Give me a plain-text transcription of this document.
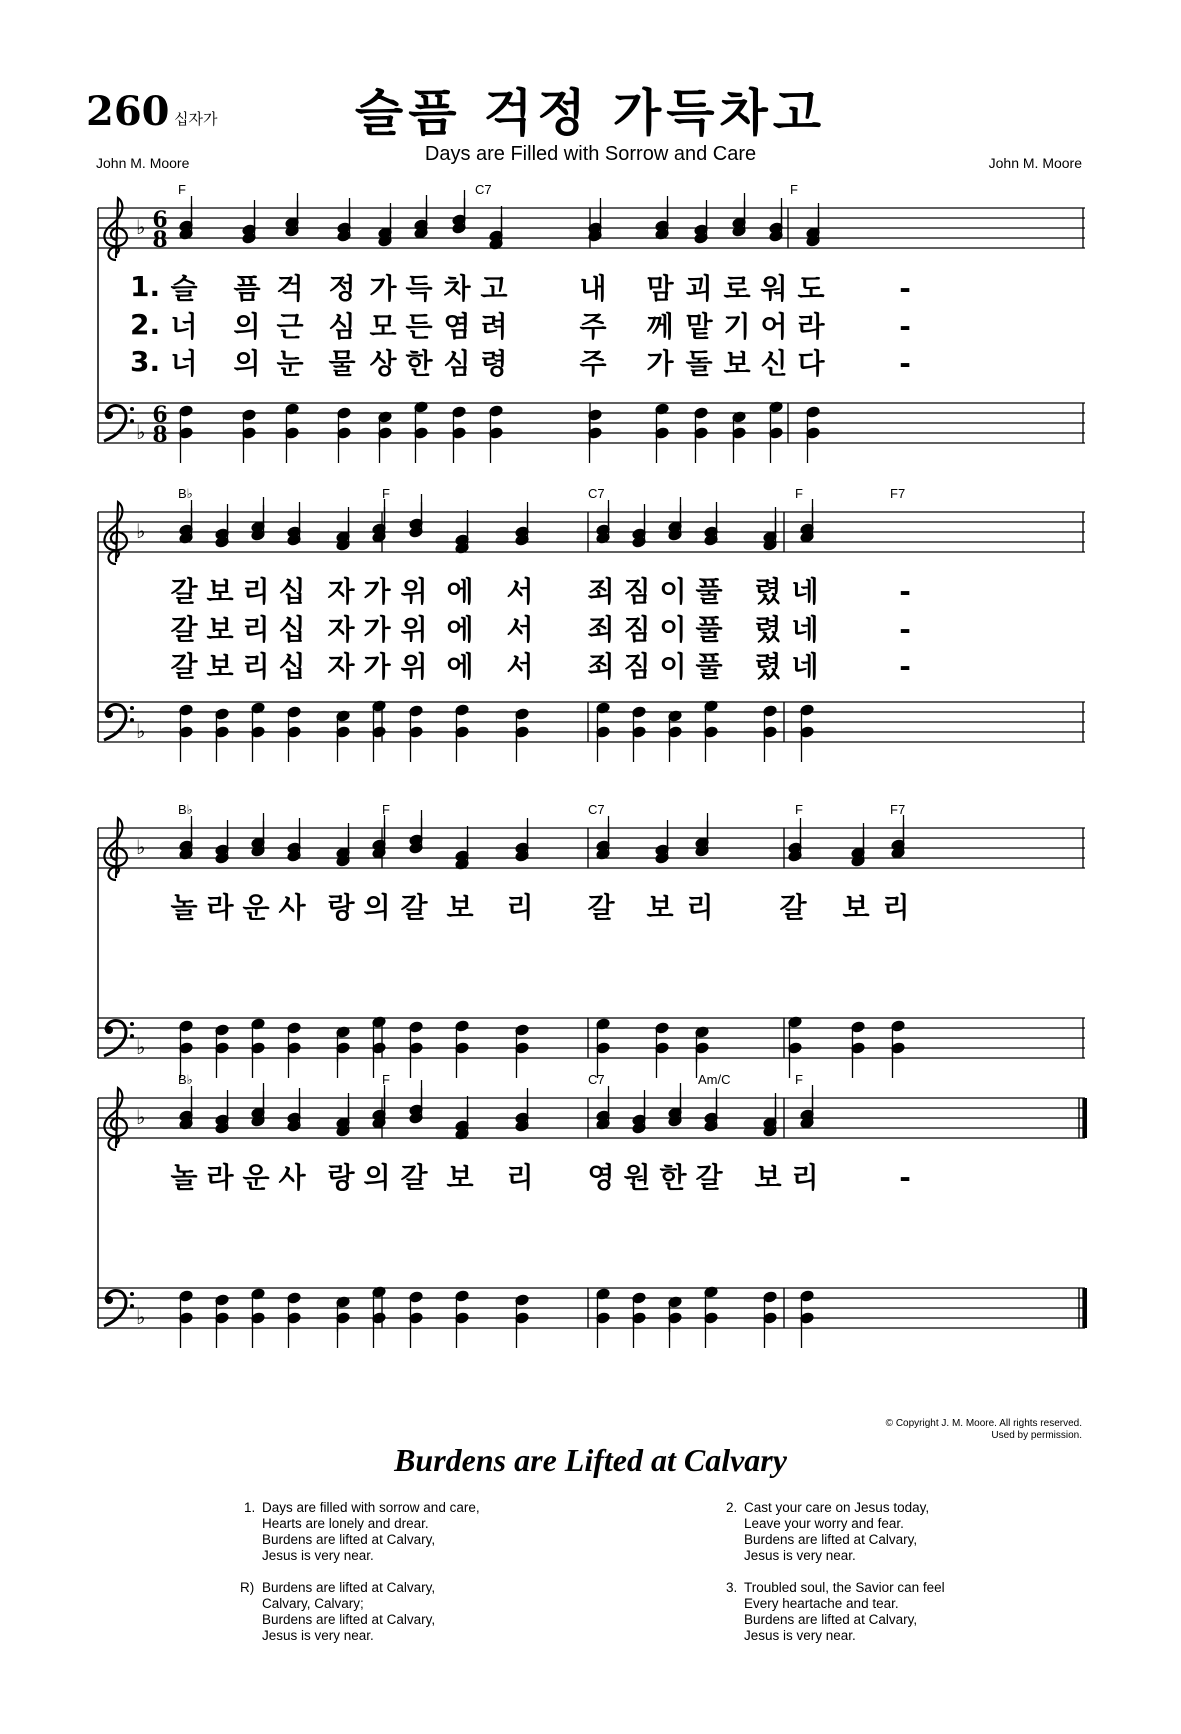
260 십자가	슬픔 걱정 가득차고
Days are Filled with Sorrow and Care
John M. Moore	John M. Moore
♭
♭
6
8
6
8
F	C7	F
1. 슬 픔 걱 정 가 득 차 고	내 맘 괴 로 워 도	-
2. 너 의 근 심 모 든 염 려	주 께 맡 기 어 라	-
3. 너 의 눈 물 상 한 심 령	주 가 돌 보 신 다	-
♭
♭
B♭	F	C7	F	F7
갈 보 리 십 자 가 위 에 서 죄 짐 이 풀 렸 네	-
갈 보 리 십 자 가 위 에 서 죄 짐 이 풀 렸 네	-
갈 보 리 십 자 가 위 에 서 죄 짐 이 풀 렸 네	-
♭
♭
B♭	F	C7	F	F7
놀 라 운 사 랑 의 갈 보 리 갈 보 리 갈 보 리
♭
♭
B♭	F	C7	Am/C	F
놀 라 운 사 랑 의 갈 보 리 영 원 한 갈 보 리	-
© Copyright J. M. Moore. All rights reserved.
Used by permission.
Burdens are Lifted at Calvary
1. Days are filled with sorrow and care,
Hearts are lonely and drear.
Burdens are lifted at Calvary,
Jesus is very near.
R) Burdens are lifted at Calvary,
Calvary, Calvary;
Burdens are lifted at Calvary,
Jesus is very near.
2. Cast your care on Jesus today,
Leave your worry and fear.
Burdens are lifted at Calvary,
Jesus is very near.
3. Troubled soul, the Savior can feel
Every heartache and tear.
Burdens are lifted at Calvary,
Jesus is very near.
